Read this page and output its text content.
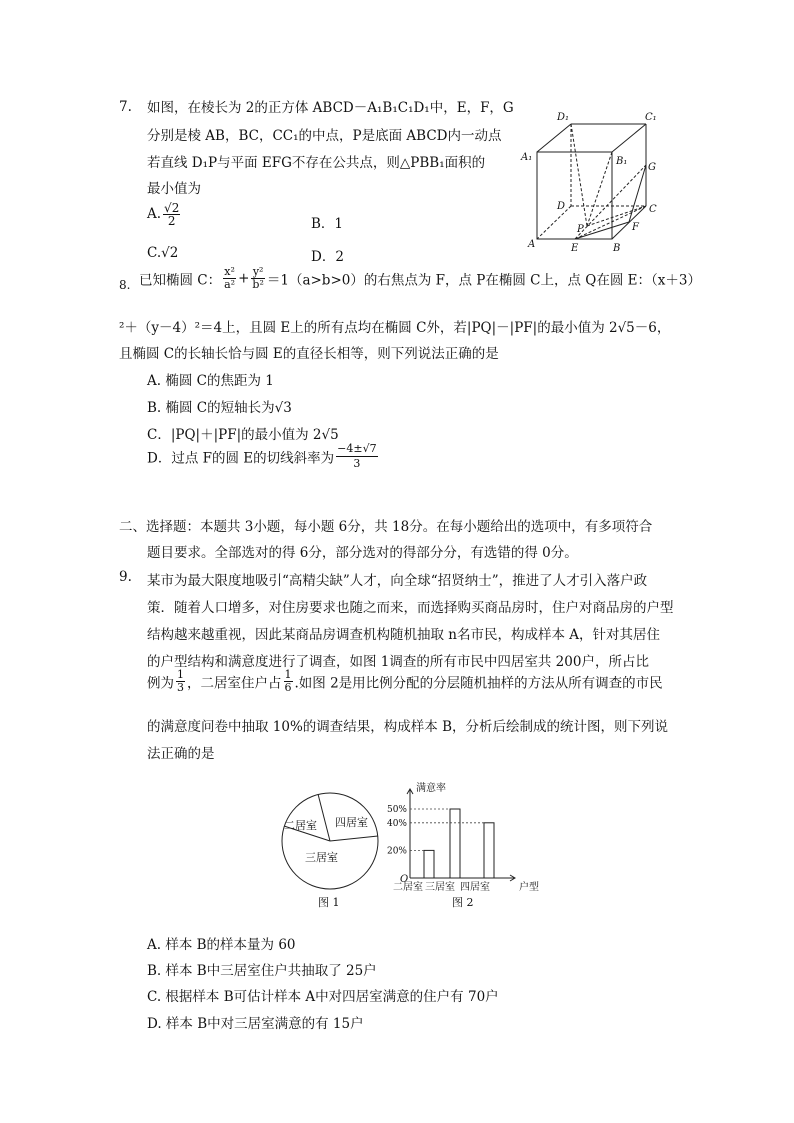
7. 如图，在棱长为 2的正方体 ABCD－A₁B₁C₁D₁中，E，F，G
分别是棱 AB，BC，CC₁的中点，P是底面 ABCD内一动点
若直线 D₁P与平面 EFG不存在公共点，则△PBB₁面积的
最小值为
A. $\frac{√2}{2}$	B．1
C.√2	D．2
D₁	C₁
A₁	B₁
G
D	C
P	F
A	E	B
8. 已知椭圆 C： $\frac{\text{x²}}{\text{a²}} + \frac{\text{y²}}{\text{b²}} =1(a>b>0)$的右焦点为 F，点 P在椭圆 C上，点 Q在圆 E：（x＋3）
²＋（y－4）²＝4上，且圆 E上的所有点均在椭圆 C外，若|PQ|－|PF|的最小值为 2√5－6，
且椭圆 C的长轴长恰与圆 E的直径长相等，则下列说法正确的是
A. 椭圆 C的焦距为 1
B. 椭圆 C的短轴长为√3
C．|PQ|＋|PF|的最小值为 2√5
D．过点 F的圆 E的切线斜率为 $\frac{-4\pm√7}{3}$
二、选择题：本题共 3小题，每小题 6分，共 18分。在每小题给出的选项中，有多项符合
题目要求。全部选对的得 6分，部分选对的得部分分，有选错的得 0分。
9. 某市为最大限度地吸引“高精尖缺”人才，向全球“招贤纳士”，推进了人才引入落户政
策．随着人口增多，对住房要求也随之而来，而选择购买商品房时，住户对商品房的户型
结构越来越重视，因此某商品房调查机构随机抽取 n名市民，构成样本 A，针对其居住
的户型结构和满意度进行了调查，如图 1调查的所有市民中四居室共 200户，所占比
例为 $\frac{1}{3}$ ，二居室住户占 $\frac{1}{6}$ .如图 2是用比例分配的分层随机抽样的方法从所有调查的市民
的满意度问卷中抽取 10%的调查结果，构成样本 B，分析后绘制成的统计图，则下列说
法正确的是
二居室 四居室
三居室
图 1
满意率
户型
O
20%
40%
50%
二居室 三居室 四居室
图 2
A. 样本 B的样本量为 60
B. 样本 B中三居室住户共抽取了 25户
C. 根据样本 B可估计样本 A中对四居室满意的住户有 70户
D. 样本 B中对三居室满意的有 15户
